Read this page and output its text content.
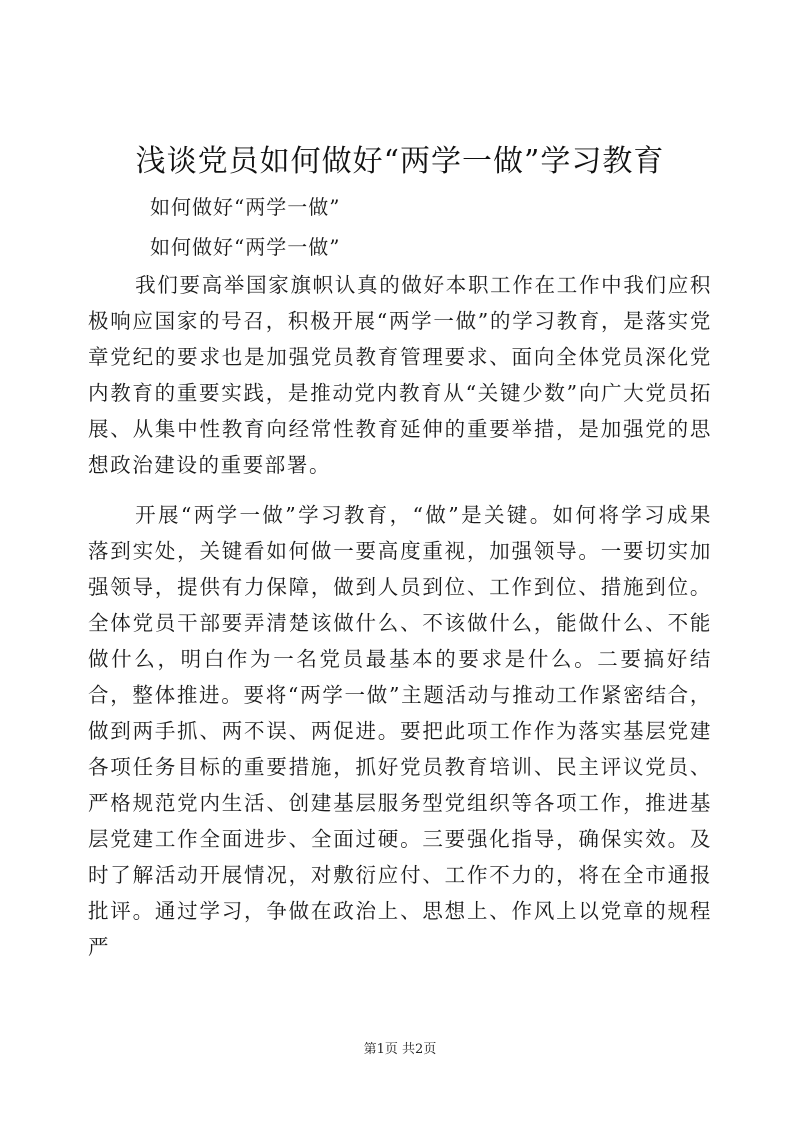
浅谈党员如何做好“两学一做”学习教育
如何做好“两学一做”
如何做好“两学一做”

我们要高举国家旗帜认真的做好本职工作在工作中我们应积极响应国家的号召，积极开展“两学一做”的学习教育，是落实党章党纪的要求也是加强党员教育管理要求、面向全体党员深化党内教育的重要实践，是推动党内教育从“关键少数”向广大党员拓展、从集中性教育向经常性教育延伸的重要举措，是加强党的思想政治建设的重要部署。

开展“两学一做”学习教育，“做”是关键。如何将学习成果落到实处，关键看如何做一要高度重视，加强领导。一要切实加强领导，提供有力保障，做到人员到位、工作到位、措施到位。全体党员干部要弄清楚该做什么、不该做什么，能做什么、不能做什么，明白作为一名党员最基本的要求是什么。二要搞好结合，整体推进。要将“两学一做”主题活动与推动工作紧密结合，做到两手抓、两不误、两促进。要把此项工作作为落实基层党建各项任务目标的重要措施，抓好党员教育培训、民主评议党员、严格规范党内生活、创建基层服务型党组织等各项工作，推进基层党建工作全面进步、全面过硬。三要强化指导，确保实效。及时了解活动开展情况，对敷衍应付、工作不力的，将在全市通报批评。通过学习，争做在政治上、思想上、作风上以党章的规程严

第1页 共2页
